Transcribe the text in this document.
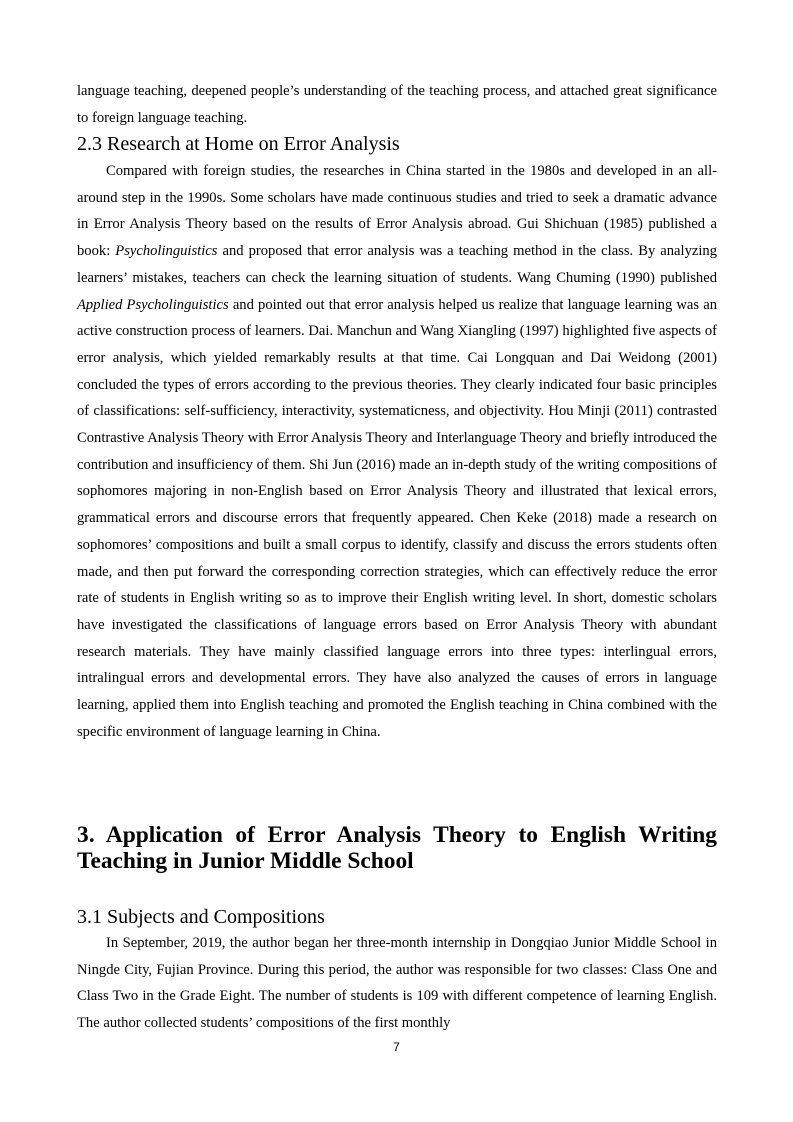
language teaching, deepened people’s understanding of the teaching process, and attached great significance to foreign language teaching.

2.3 Research at Home on Error Analysis

Compared with foreign studies, the researches in China started in the 1980s and developed in an all-around step in the 1990s. Some scholars have made continuous studies and tried to seek a dramatic advance in Error Analysis Theory based on the results of Error Analysis abroad. Gui Shichuan (1985) published a book: Psycholinguistics and proposed that error analysis was a teaching method in the class. By analyzing learners’ mistakes, teachers can check the learning situation of students. Wang Chuming (1990) published Applied Psycholinguistics and pointed out that error analysis helped us realize that language learning was an active construction process of learners. Dai. Manchun and Wang Xiangling (1997) highlighted five aspects of error analysis, which yielded remarkably results at that time. Cai Longquan and Dai Weidong (2001) concluded the types of errors according to the previous theories. They clearly indicated four basic principles of classifications: self-sufficiency, interactivity, systematicness, and objectivity. Hou Minji (2011) contrasted Contrastive Analysis Theory with Error Analysis Theory and Interlanguage Theory and briefly introduced the contribution and insufficiency of them. Shi Jun (2016) made an in-depth study of the writing compositions of sophomores majoring in non-English based on Error Analysis Theory and illustrated that lexical errors, grammatical errors and discourse errors that frequently appeared. Chen Keke (2018) made a research on sophomores’ compositions and built a small corpus to identify, classify and discuss the errors students often made, and then put forward the corresponding correction strategies, which can effectively reduce the error rate of students in English writing so as to improve their English writing level. In short, domestic scholars have investigated the classifications of language errors based on Error Analysis Theory with abundant research materials. They have mainly classified language errors into three types: interlingual errors, intralingual errors and developmental errors. They have also analyzed the causes of errors in language learning, applied them into English teaching and promoted the English teaching in China combined with the specific environment of language learning in China.

3. Application of Error Analysis Theory to English Writing Teaching in Junior Middle School
3.1 Subjects and Compositions

In September, 2019, the author began her three-month internship in Dongqiao Junior Middle School in Ningde City, Fujian Province. During this period, the author was responsible for two classes: Class One and Class Two in the Grade Eight. The number of students is 109 with different competence of learning English. The author collected students’ compositions of the first monthly

7
